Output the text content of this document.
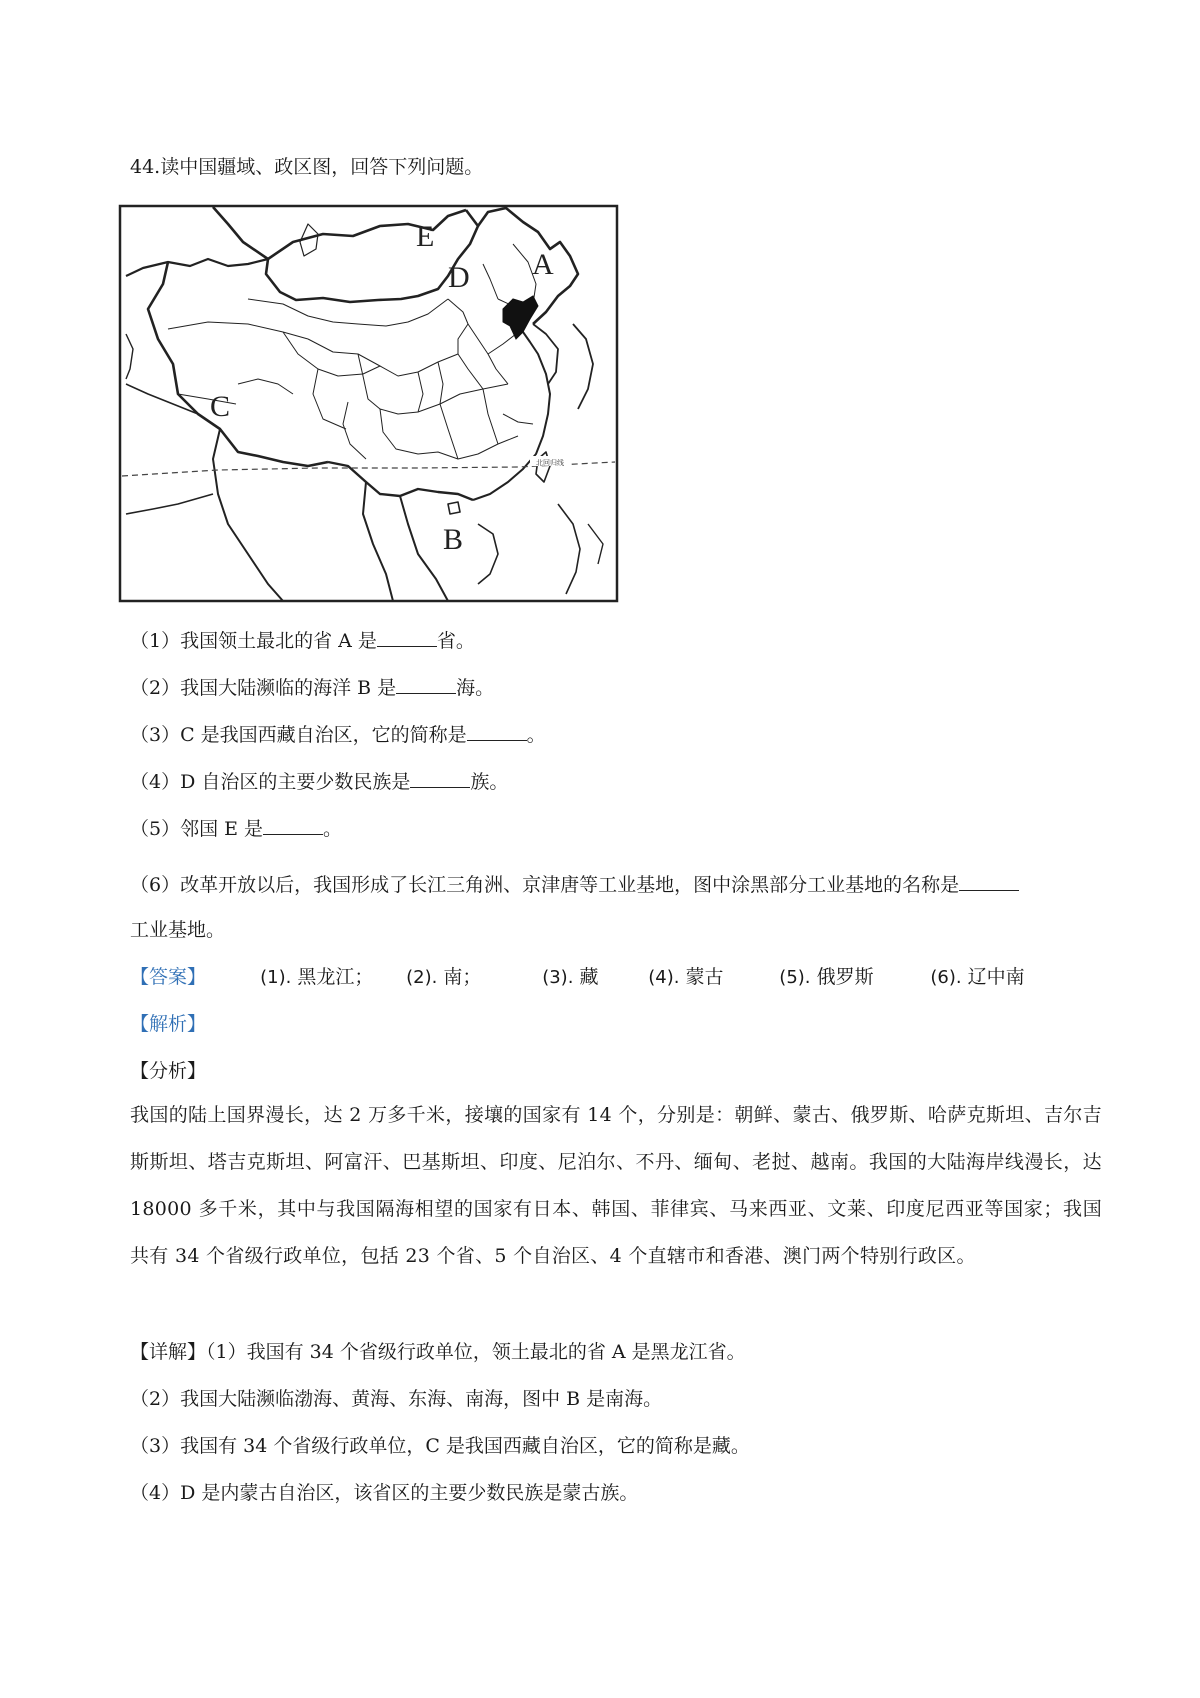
44.读中国疆域、政区图，回答下列问题。
北回归线
E
A
D
C
B
（1）我国领土最北的省 A 是	省。
（2）我国大陆濒临的海洋 B 是	海。
（3）C 是我国西藏自治区，它的简称是	。
（4）D 自治区的主要少数民族是	族。
（5）邻国 E 是	。
（6）改革开放以后，我国形成了长江三角洲、京津唐等工业基地，图中涂黑部分工业基地的名称是
工业基地。
【答案】	(1). 黑龙江； (2). 南；	(3). 藏	(4). 蒙古	(5). 俄罗斯	(6). 辽中南
【解析】
【分析】
我国的陆上国界漫长，达 2 万多千米，接壤的国家有 14 个，分别是：朝鲜、蒙古、俄罗斯、哈萨克斯坦、吉尔吉斯斯坦、塔吉克斯坦、阿富汗、巴基斯坦、印度、尼泊尔、不丹、缅甸、老挝、越南。我国的大陆海岸线漫长，达 18000 多千米，其中与我国隔海相望的国家有日本、韩国、菲律宾、马来西亚、文莱、印度尼西亚等国家；我国共有 34 个省级行政单位，包括 23 个省、5 个自治区、4 个直辖市和香港、澳门两个特别行政区。
【详解】（1）我国有 34 个省级行政单位，领土最北的省 A 是黑龙江省。
（2）我国大陆濒临渤海、黄海、东海、南海，图中 B 是南海。
（3）我国有 34 个省级行政单位，C 是我国西藏自治区，它的简称是藏。
（4）D 是内蒙古自治区，该省区的主要少数民族是蒙古族。
